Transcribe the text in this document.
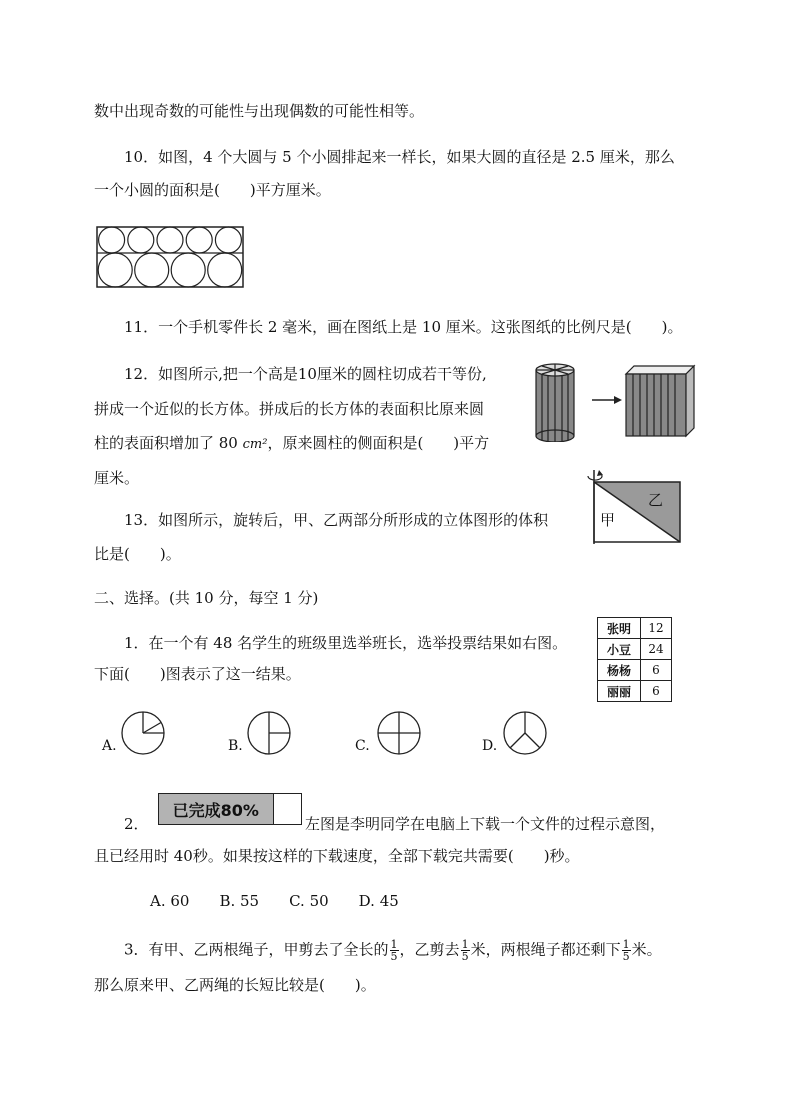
数中出现奇数的可能性与出现偶数的可能性相等。
10．如图，4 个大圆与 5 个小圆排起来一样长，如果大圆的直径是 2.5 厘米，那么
一个小圆的面积是(　　)平方厘米。
11．一个手机零件长 2 毫米，画在图纸上是 10 厘米。这张图纸的比例尺是(　　)。
12．如图所示,把一个高是10厘米的圆柱切成若干等份,
拼成一个近似的长方体。拼成后的长方体的表面积比原来圆
柱的表面积增加了 80 cm²，原来圆柱的侧面积是(　　)平方
厘米。
13．如图所示，旋转后，甲、乙两部分所形成的立体图形的体积
比是(　　)。
甲
乙
二、选择。(共 10 分，每空 1 分)
1．在一个有 48 名学生的班级里选举班长，选举投票结果如右图。
下面(　　)图表示了这一结果。
张明	12
小豆	24
杨杨	6
丽丽	6
A.	B.	C.	D.
2．
已完成80%
左图是李明同学在电脑上下载一个文件的过程示意图，
且已经用时 40秒。如果按这样的下载速度，全部下载完共需要(　　)秒。
A. 60　　B. 55　　C. 50　　D. 45
3．有甲、乙两根绳子，甲剪去了全长的 $\frac{1}{5}$ ，乙剪去 $\frac{1}{5}$ 米，两根绳子都还剩下 $\frac{1}{5}$ 米。
那么原来甲、乙两绳的长短比较是(　　)。
